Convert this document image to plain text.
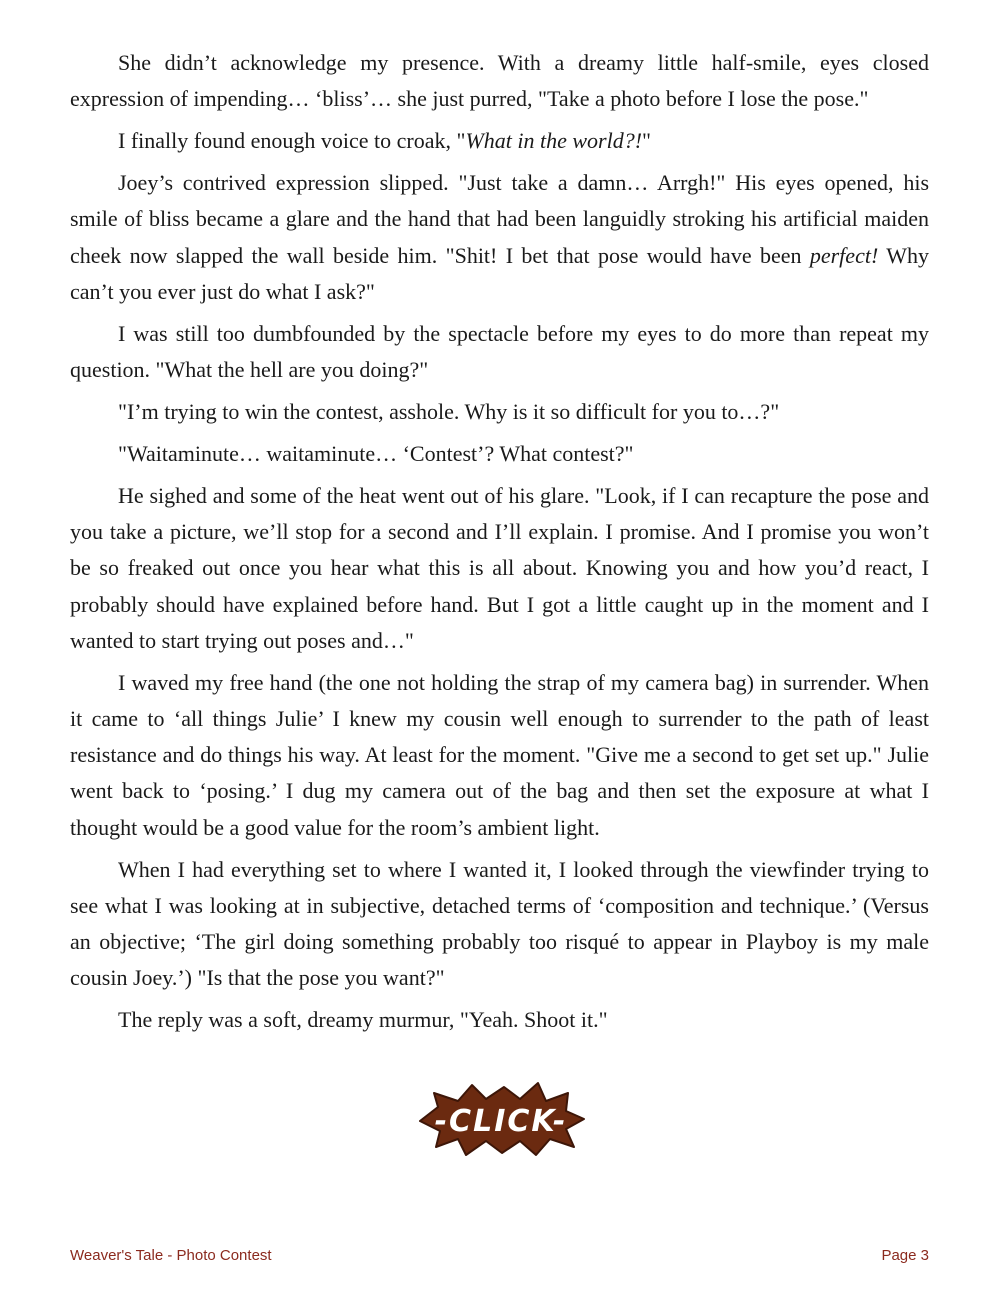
She didn’t acknowledge my presence. With a dreamy little half-smile, eyes closed expression of impending… ‘bliss’… she just purred, "Take a photo before I lose the pose."

I finally found enough voice to croak, "What in the world?!"

Joey’s contrived expression slipped. "Just take a damn… Arrgh!" His eyes opened, his smile of bliss became a glare and the hand that had been languidly stroking his artificial maiden cheek now slapped the wall beside him. "Shit! I bet that pose would have been perfect! Why can’t you ever just do what I ask?"

I was still too dumbfounded by the spectacle before my eyes to do more than repeat my question. "What the hell are you doing?"

"I’m trying to win the contest, asshole. Why is it so difficult for you to…?"

"Waitaminute… waitaminute… ‘Contest’? What contest?"

He sighed and some of the heat went out of his glare. "Look, if I can recapture the pose and you take a picture, we’ll stop for a second and I’ll explain. I promise. And I promise you won’t be so freaked out once you hear what this is all about. Knowing you and how you’d react, I probably should have explained before hand. But I got a little caught up in the moment and I wanted to start trying out poses and…"

I waved my free hand (the one not holding the strap of my camera bag) in surrender. When it came to ‘all things Julie’ I knew my cousin well enough to surrender to the path of least resistance and do things his way. At least for the moment. "Give me a second to get set up." Julie went back to ‘posing.’ I dug my camera out of the bag and then set the exposure at what I thought would be a good value for the room’s ambient light.

When I had everything set to where I wanted it, I looked through the viewfinder trying to see what I was looking at in subjective, detached terms of ‘composition and technique.’ (Versus an objective; ‘The girl doing something probably too risqué to appear in Playboy is my male cousin Joey.’) "Is that the pose you want?"

The reply was a soft, dreamy murmur, "Yeah. Shoot it."

-CLICK-
Weaver's Tale - Photo Contest	Page 3
